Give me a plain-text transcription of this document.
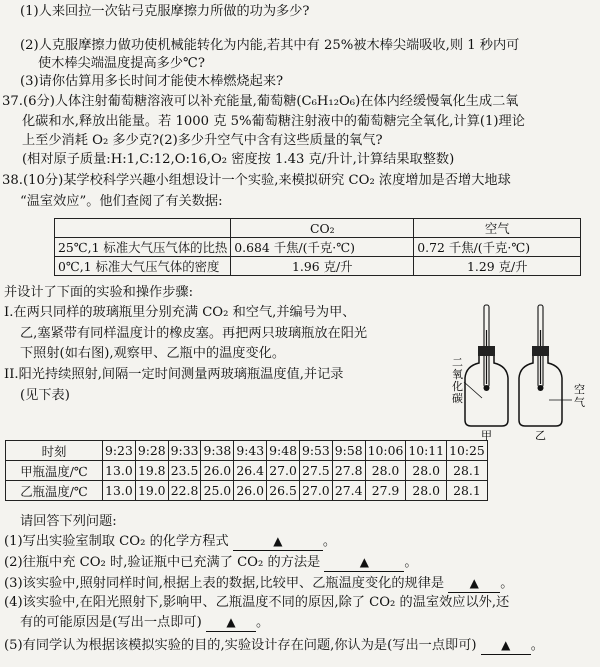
(1)人来回拉一次钻弓克服摩擦力所做的功为多少?
(2)人克服摩擦力做功使机械能转化为内能,若其中有 25%被木棒尖端吸收,则 1 秒内可
使木棒尖端温度提高多少℃?
(3)请你估算用多长时间才能使木棒燃烧起来?
37.(6分)人体注射葡萄糖溶液可以补充能量,葡萄糖(C₆H₁₂O₆)在体内经缓慢氧化生成二氧
化碳和水,释放出能量。若 1000 克 5%葡萄糖注射液中的葡萄糖完全氧化,计算(1)理论
上至少消耗 O₂ 多少克?(2)多少升空气中含有这些质量的氧气?
(相对原子质量:H:1,C:12,O:16,O₂ 密度按 1.43 克/升计,计算结果取整数)
38.(10分)某学校科学兴趣小组想设计一个实验,来模拟研究 CO₂ 浓度增加是否增大地球
“温室效应”。他们查阅了有关数据:
	CO₂	空气
25℃,1 标准大气压气体的比热	0.684 千焦/(千克·℃)	0.72 千焦/(千克·℃)
0℃,1 标准大气压气体的密度	1.96 克/升	1.29 克/升
并设计了下面的实验和操作步骤:
I.在两只同样的玻璃瓶里分别充满 CO₂ 和空气,并编号为甲、
乙,塞紧带有同样温度计的橡皮塞。再把两只玻璃瓶放在阳光
下照射(如右图),观察甲、乙瓶中的温度变化。
II.阳光持续照射,间隔一定时间测量两玻璃瓶温度值,并记录
(见下表)
二
氧
化
碳
空
气
甲	乙
时刻	9:23	9:28	9:33	9:38	9:43	9:48	9:53	9:58	10:06	10:11	10:25
甲瓶温度/℃	13.0	19.8	23.5	26.0	26.4	27.0	27.5	27.8	28.0	28.0	28.1
乙瓶温度/℃	13.0	19.0	22.8	25.0	26.0	26.5	27.0	27.4	27.9	28.0	28.1
请回答下列问题:
(1)写出实验室制取 CO₂ 的化学方程式	▲	。
(2)往瓶中充 CO₂ 时,验证瓶中已充满了 CO₂ 的方法是	▲	。
(3)该实验中,照射同样时间,根据上表的数据,比较甲、乙瓶温度变化的规律是 ▲ 。
(4)该实验中,在阳光照射下,影响甲、乙瓶温度不同的原因,除了 CO₂ 的温室效应以外,还
有的可能原因是(写出一点即可) ▲ 。
(5)有同学认为根据该模拟实验的目的,实验设计存在问题,你认为是(写出一点即可) ▲ 。
